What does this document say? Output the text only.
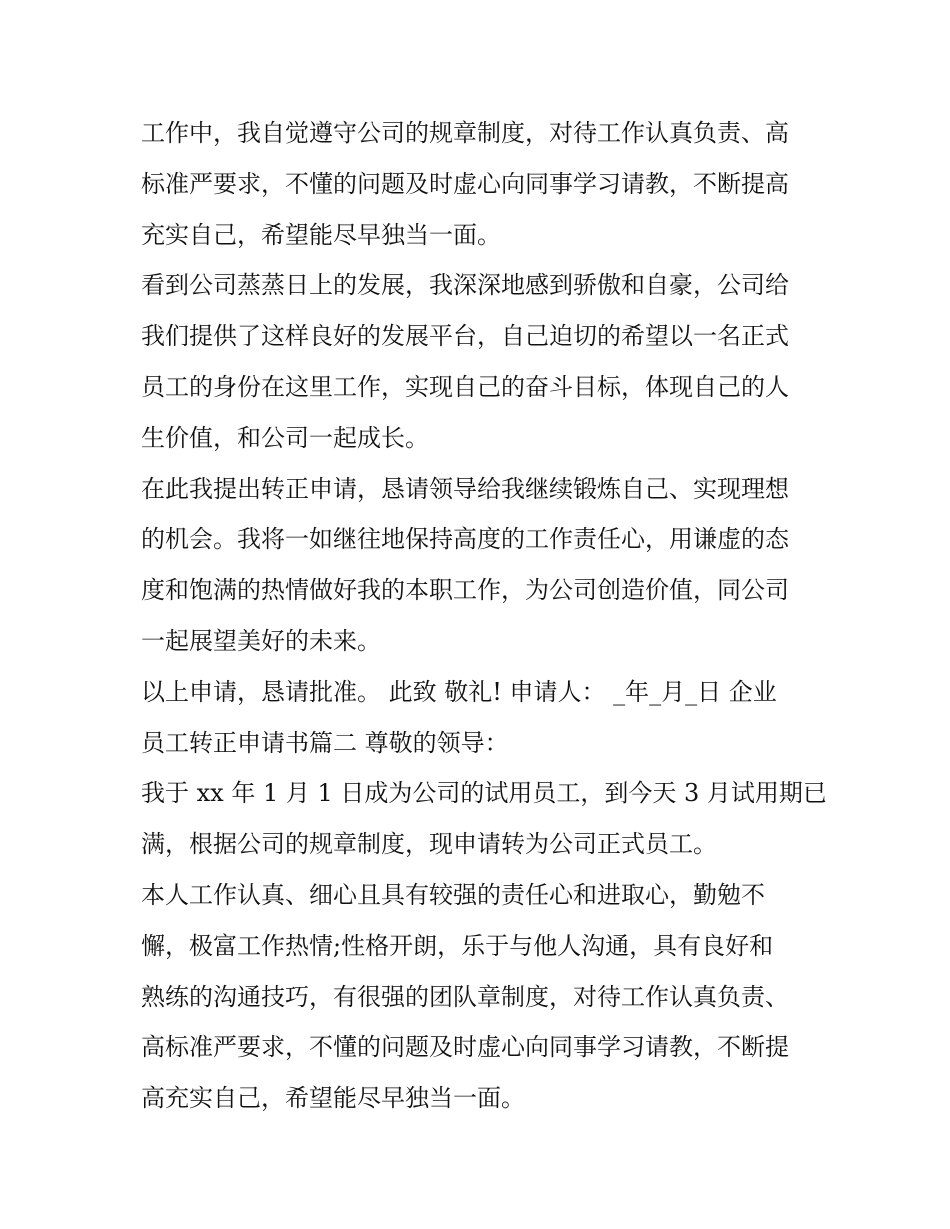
工作中，我自觉遵守公司的规章制度，对待工作认真负责、高
标准严要求，不懂的问题及时虚心向同事学习请教，不断提高
充实自己，希望能尽早独当一面。
看到公司蒸蒸日上的发展，我深深地感到骄傲和自豪，公司给
我们提供了这样良好的发展平台，自己迫切的希望以一名正式
员工的身份在这里工作，实现自己的奋斗目标，体现自己的人
生价值，和公司一起成长。
在此我提出转正申请，恳请领导给我继续锻炼自己、实现理想
的机会。我将一如继往地保持高度的工作责任心，用谦虚的态
度和饱满的热情做好我的本职工作，为公司创造价值，同公司
一起展望美好的未来。
以上申请，恳请批准。 此致 敬礼! 申请人： _年_月_日 企业
员工转正申请书篇二 尊敬的领导：
我于 xx 年 1 月 1 日成为公司的试用员工，到今天 3 月试用期已
满，根据公司的规章制度，现申请转为公司正式员工。
本人工作认真、细心且具有较强的责任心和进取心，勤勉不
懈，极富工作热情;性格开朗，乐于与他人沟通，具有良好和
熟练的沟通技巧，有很强的团队章制度，对待工作认真负责、
高标准严要求，不懂的问题及时虚心向同事学习请教，不断提
高充实自己，希望能尽早独当一面。
